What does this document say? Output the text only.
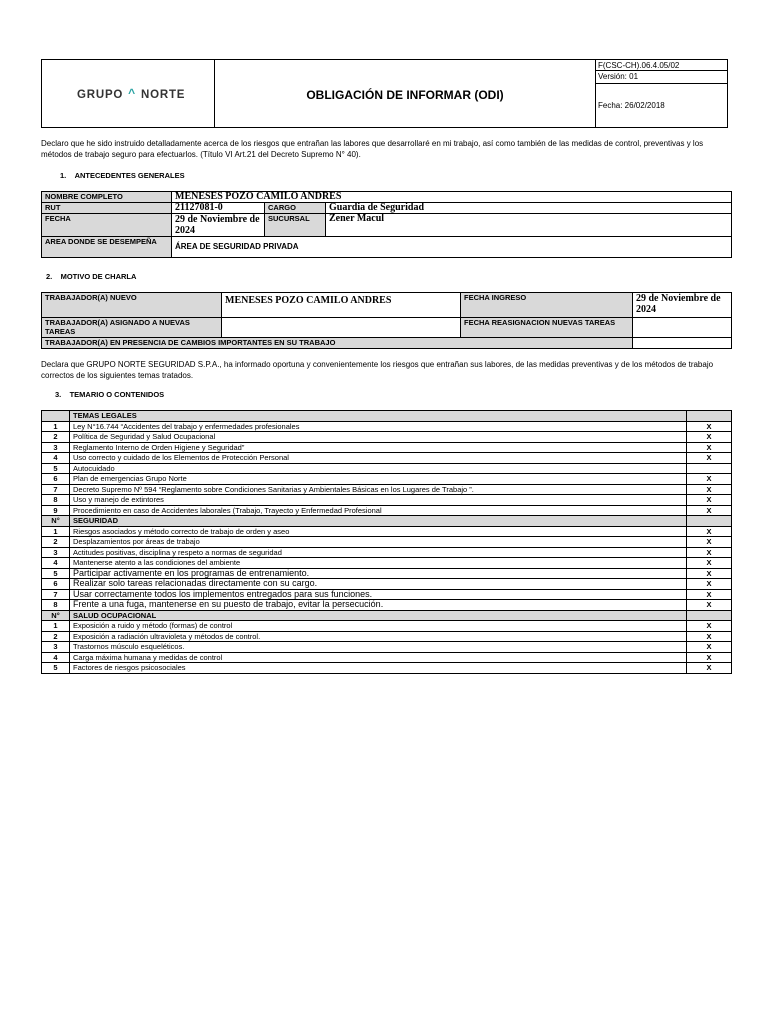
GRUPO ^ NORTE	OBLIGACIÓN DE INFORMAR (ODI)
F(CSC-CH).06.4.05/02
Versión: 01
Fecha: 26/02/2018
Declaro que he sido instruido detalladamente acerca de los riesgos que entrañan las labores que desarrollaré en mi trabajo, así como también de las medidas de control, preventivas y los métodos de trabajo seguro para efectuarlos. (Título VI Art.21 del Decreto Supremo N° 40).
1.    ANTECEDENTES GENERALES
NOMBRE COMPLETO	MENESES POZO CAMILO ANDRES		
RUT	21127081-0	CARGO	Guardia de Seguridad
FECHA	29 de Noviembre de 2024	SUCURSAL	Zener Macul
AREA DONDE SE DESEMPEÑA	ÁREA DE SEGURIDAD PRIVADA		
2.    MOTIVO DE CHARLA
TRABAJADOR(A) NUEVO	MENESES POZO CAMILO ANDRES	FECHA INGRESO	29 de Noviembre de 2024
TRABAJADOR(A) ASIGNADO A NUEVAS TAREAS		FECHA REASIGNACION NUEVAS TAREAS	
TRABAJADOR(A) EN PRESENCIA DE CAMBIOS IMPORTANTES EN SU TRABAJO			
Declara que GRUPO NORTE SEGURIDAD S.P.A., ha informado oportuna y convenientemente los riesgos que entrañan sus labores, de las medidas preventivas y de los métodos de trabajo correctos de los siguientes temas tratados.
3.    TEMARIO O CONTENIDOS
	TEMAS LEGALES	
1	Ley N°16.744 “Accidentes del trabajo y enfermedades profesionales	X
2	Política de Seguridad y Salud Ocupacional	X
3	Reglamento Interno de Orden Higiene y Seguridad”	X
4	Uso correcto y cuidado de los Elementos de Protección Personal	X
5	Autocuidado	
6	Plan de emergencias Grupo Norte	X
7	Decreto Supremo Nº 594 “Reglamento sobre Condiciones Sanitarias y Ambientales Básicas en los Lugares de Trabajo ”.	X
8	Uso y manejo de extintores	X
9	Procedimiento en caso de Accidentes laborales (Trabajo, Trayecto y Enfermedad Profesional	X
N°	SEGURIDAD	
1	Riesgos asociados y método correcto de trabajo de orden y aseo	X
2	Desplazamientos por áreas de trabajo	X
3	Actitudes positivas, disciplina y respeto a normas de seguridad	X
4	Mantenerse atento a las condiciones del ambiente	X
5	Participar activamente en los programas de entrenamiento.	X
6	Realizar solo tareas relacionadas directamente con su cargo.	X
7	Usar correctamente todos los implementos entregados para sus funciones.	X
8	Frente a una fuga, mantenerse en su puesto de trabajo, evitar la persecución.	X
N°	SALUD OCUPACIONAL	
1	Exposición a ruido y método (formas) de control	X
2	Exposición a radiación ultravioleta y métodos de control.	X
3	Trastornos músculo esqueléticos.	X
4	Carga máxima humana y medidas de control	X
5	Factores de riesgos psicosociales	X
